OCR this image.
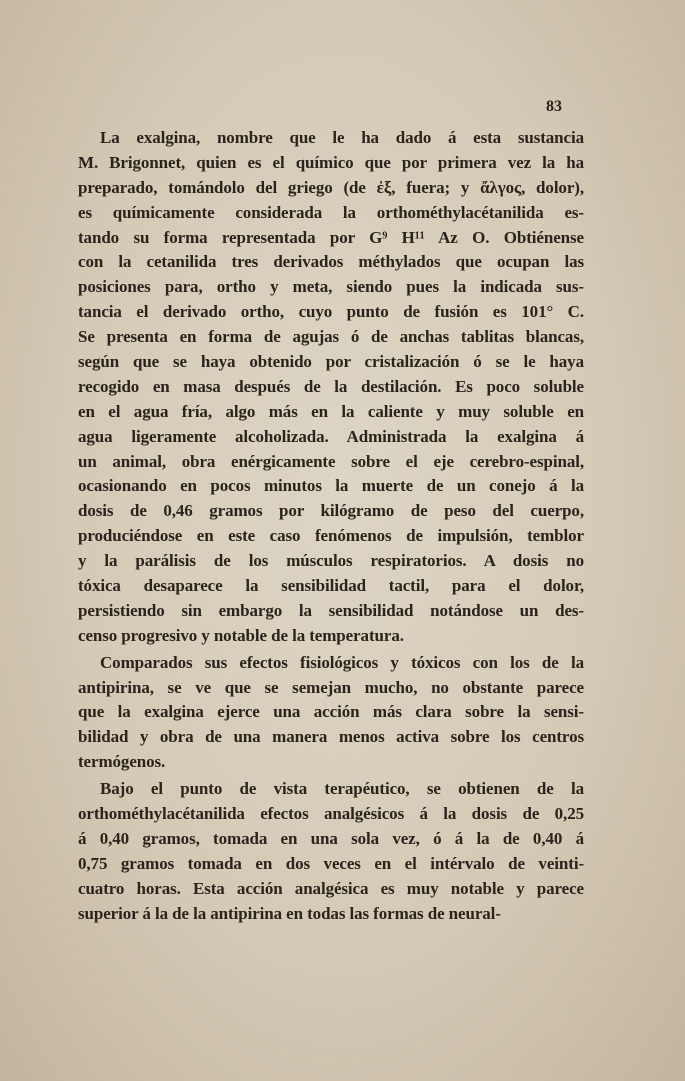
83
La exalgina, nombre que le ha dado á esta sustancia
M. Brigonnet, quien es el químico que por primera vez la ha
preparado, tomándolo del griego (de ἐξ, fuera; y ἄλγος, dolor),
es químicamente considerada la orthométhylacétanilida es-
tando su forma representada por G⁹ H¹¹ Az O. Obtiénense
con la cetanilida tres derivados méthylados que ocupan las
posiciones para, ortho y meta, siendo pues la indicada sus-
tancia el derivado ortho, cuyo punto de fusión es 101° C.
Se presenta en forma de agujas ó de anchas tablitas blancas,
según que se haya obtenido por cristalización ó se le haya
recogido en masa después de la destilación. Es poco soluble
en el agua fría, algo más en la caliente y muy soluble en
agua ligeramente alcoholizada. Administrada la exalgina á
un animal, obra enérgicamente sobre el eje cerebro-espinal,
ocasionando en pocos minutos la muerte de un conejo á la
dosis de 0,46 gramos por kilógramo de peso del cuerpo,
produciéndose en este caso fenómenos de impulsión, temblor
y la parálisis de los músculos respiratorios. A dosis no
tóxica desaparece la sensibilidad tactil, para el dolor,
persistiendo sin embargo la sensibilidad notándose un des-
censo progresivo y notable de la temperatura.
Comparados sus efectos fisiológicos y tóxicos con los de la
antipirina, se ve que se semejan mucho, no obstante parece
que la exalgina ejerce una acción más clara sobre la sensi-
bilidad y obra de una manera menos activa sobre los centros
termógenos.
Bajo el punto de vista terapéutico, se obtienen de la
orthométhylacétanilida efectos analgésicos á la dosis de 0,25
á 0,40 gramos, tomada en una sola vez, ó á la de 0,40 á
0,75 gramos tomada en dos veces en el intérvalo de veinti-
cuatro horas. Esta acción analgésica es muy notable y parece
superior á la de la antipirina en todas las formas de neural-
